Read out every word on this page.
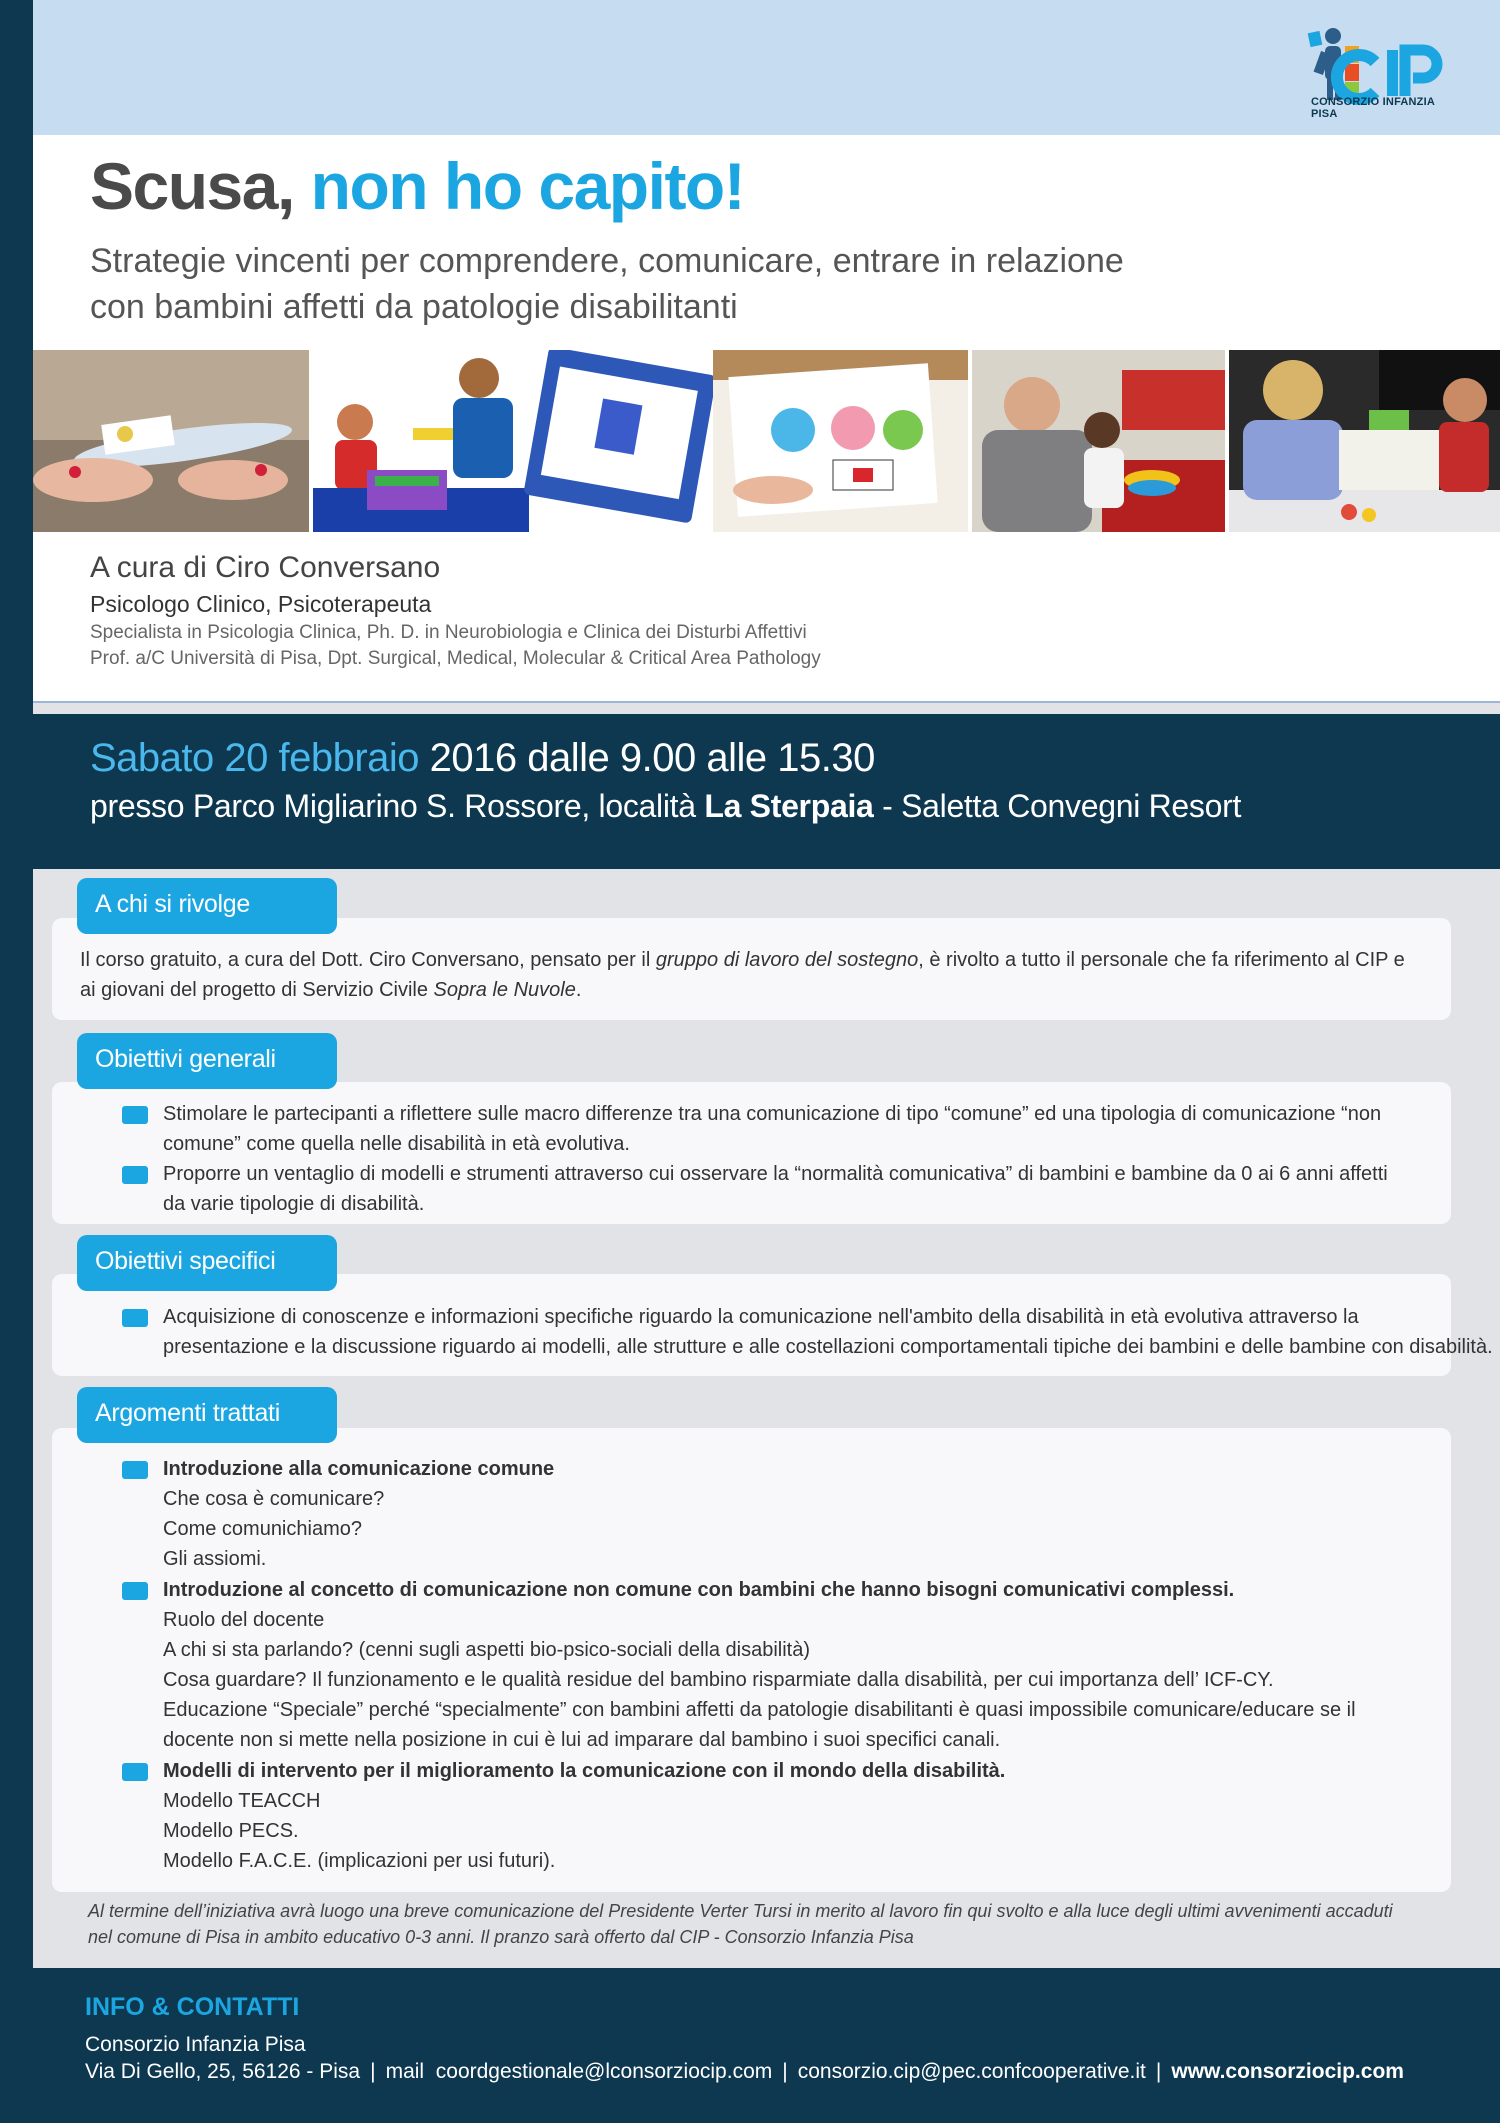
CONSORZIO INFANZIA PISA
Scusa, non ho capito!
Strategie vincenti per comprendere, comunicare, entrare in relazione
con bambini affetti da patologie disabilitanti
A cura di Ciro Conversano
Psicologo Clinico, Psicoterapeuta
Specialista in Psicologia Clinica, Ph. D. in Neurobiologia e Clinica dei Disturbi Affettivi
Prof. a/C Università di Pisa, Dpt. Surgical, Medical, Molecular & Critical Area Pathology
Sabato 20 febbraio 2016 dalle 9.00 alle 15.30
presso Parco Migliarino S. Rossore, località La Sterpaia - Saletta Convegni Resort
A chi si rivolge
Il corso gratuito, a cura del Dott. Ciro Conversano, pensato per il gruppo di lavoro del sostegno, è rivolto a tutto il personale che fa riferimento al CIP e
ai giovani del progetto di Servizio Civile Sopra le Nuvole.
Obiettivi generali
Stimolare le partecipanti a riflettere sulle macro differenze tra una comunicazione di tipo “comune” ed una tipologia di comunicazione “non
comune” come quella nelle disabilità in età evolutiva.
Proporre un ventaglio di modelli e strumenti attraverso cui osservare la “normalità comunicativa” di bambini e bambine da 0 ai 6 anni affetti
da varie tipologie di disabilità.
Obiettivi specifici
Acquisizione di conoscenze e informazioni specifiche riguardo la comunicazione nell'ambito della disabilità in età evolutiva attraverso la
presentazione e la discussione riguardo ai modelli, alle strutture e alle costellazioni comportamentali tipiche dei bambini e delle bambine con disabilità.
Argomenti trattati
Introduzione alla comunicazione comune
Che cosa è comunicare?
Come comunichiamo?
Gli assiomi.
Introduzione al concetto di comunicazione non comune con bambini che hanno bisogni comunicativi complessi.
Ruolo del docente
A chi si sta parlando? (cenni sugli aspetti bio-psico-sociali della disabilità)
Cosa guardare? Il funzionamento e le qualità residue del bambino risparmiate dalla disabilità, per cui importanza dell’ ICF-CY.
Educazione “Speciale” perché “specialmente” con bambini affetti da patologie disabilitanti è quasi impossibile comunicare/educare se il
docente non si mette nella posizione in cui è lui ad imparare dal bambino i suoi specifici canali.
Modelli di intervento per il miglioramento la comunicazione con il mondo della disabilità.
Modello TEACCH
Modello PECS.
Modello F.A.C.E. (implicazioni per usi futuri).
Al termine dell’iniziativa avrà luogo una breve comunicazione del Presidente Verter Tursi in merito al lavoro fin qui svolto e alla luce degli ultimi avvenimenti accaduti
nel comune di Pisa in ambito educativo 0-3 anni. Il pranzo sarà offerto dal CIP - Consorzio Infanzia Pisa
INFO & CONTATTI
Consorzio Infanzia Pisa
Via Di Gello, 25, 56126 - Pisa | mail coordgestionale@lconsorziocip.com | consorzio.cip@pec.confcooperative.it | www.consorziocip.com
